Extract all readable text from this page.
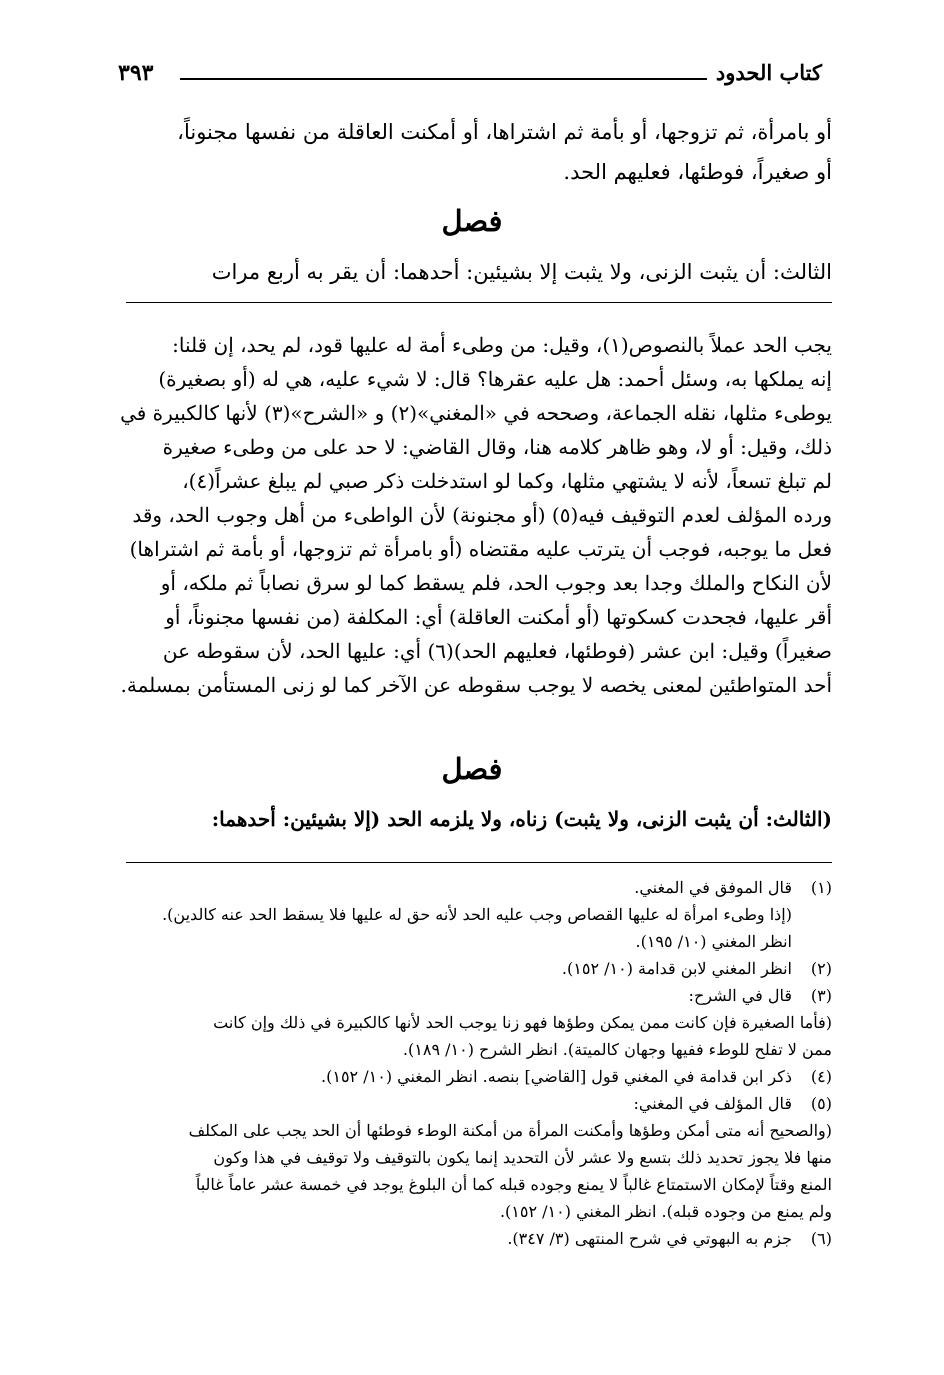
كتاب الحدود
٣٩٣

أو بامرأة، ثم تزوجها، أو بأمة ثم اشتراها، أو أمكنت العاقلة من نفسها مجنوناً،

أو صغيراً، فوطئها، فعليهم الحد.

فصل

الثالث: أن يثبت الزنى، ولا يثبت إلا بشيئين: أحدهما: أن يقر به أربع مرات

يجب الحد عملاً بالنصوص(١)، وقيل: من وطىء أمة له عليها قود، لم يحد، إن قلنا:

إنه يملكها به، وسئل أحمد: هل عليه عقرها؟ قال: لا شيء عليه، هي له (أو بصغيرة)

يوطىء مثلها، نقله الجماعة، وصححه في «المغني»(٢) و «الشرح»(٣) لأنها كالكبيرة في

ذلك، وقيل: أو لا، وهو ظاهر كلامه هنا، وقال القاضي: لا حد على من وطىء صغيرة

لم تبلغ تسعاً، لأنه لا يشتهي مثلها، وكما لو استدخلت ذكر صبي لم يبلغ عشراً(٤)،

ورده المؤلف لعدم التوقيف فيه(٥) (أو مجنونة) لأن الواطىء من أهل وجوب الحد، وقد

فعل ما يوجبه، فوجب أن يترتب عليه مقتضاه (أو بامرأة ثم تزوجها، أو بأمة ثم اشتراها)

لأن النكاح والملك وجدا بعد وجوب الحد، فلم يسقط كما لو سرق نصاباً ثم ملكه، أو

أقر عليها، فجحدت كسكوتها (أو أمكنت العاقلة) أي: المكلفة (من نفسها مجنوناً، أو

صغيراً) وقيل: ابن عشر (فوطئها، فعليهم الحد)(٦) أي: عليها الحد، لأن سقوطه عن

أحد المتواطئين لمعنى يخصه لا يوجب سقوطه عن الآخر كما لو زنى المستأمن بمسلمة.

فصل

(الثالث: أن يثبت الزنى، ولا يثبت) زناه، ولا يلزمه الحد (إلا بشيئين: أحدهما:

(١)
قال الموفق في المغني.
(إذا وطىء امرأة له عليها القصاص وجب عليه الحد لأنه حق له عليها فلا يسقط الحد عنه كالدين).
انظر المغني (١٠/ ١٩٥).
(٢)
انظر المغني لابن قدامة (١٠/ ١٥٢).
(٣)
قال في الشرح:
(فأما الصغيرة فإن كانت ممن يمكن وطؤها فهو زنا يوجب الحد لأنها كالكبيرة في ذلك وإن كانت
ممن لا تفلح للوطء ففيها وجهان كالميتة). انظر الشرح (١٠/ ١٨٩).
(٤)
ذكر ابن قدامة في المغني قول [القاضي] بنصه. انظر المغني (١٠/ ١٥٢).
(٥)
قال المؤلف في المغني:
(والصحيح أنه متى أمكن وطؤها وأمكنت المرأة من أمكنة الوطء فوطئها أن الحد يجب على المكلف
منها فلا يجوز تحديد ذلك بتسع ولا عشر لأن التحديد إنما يكون بالتوقيف ولا توقيف في هذا وكون
المنع وقتاً لإمكان الاستمتاع غالباً لا يمنع وجوده قبله كما أن البلوغ يوجد في خمسة عشر عاماً غالباً
ولم يمنع من وجوده قبله). انظر المغني (١٠/ ١٥٢).
(٦)
جزم به البهوتي في شرح المنتهى (٣/ ٣٤٧).
